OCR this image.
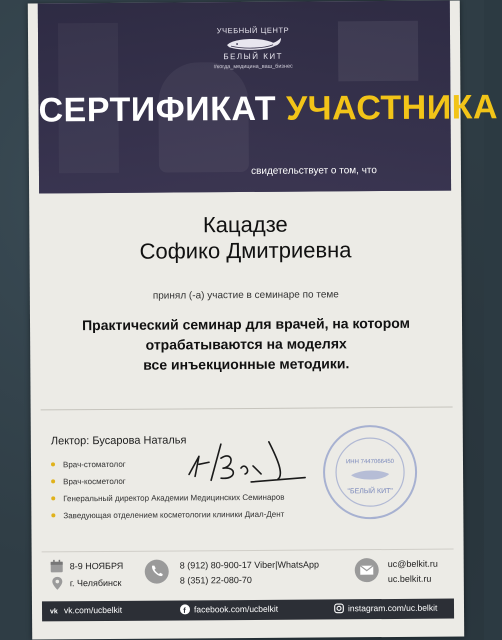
УЧЕБНЫЙ ЦЕНТР
БЕЛЫЙ КИТ
#когда_медицина_ваш_бизнес
СЕРТИФИКАТ УЧАСТНИКА
свидетельствует о том, что
Кацадзе
Софико Дмитриевна
принял (-а) участие в семинаре по теме
Практический семинар для врачей, на котором
отрабатываются на моделях
все инъекционные методики.
Лектор: Бусарова Наталья
Врач-стоматолог
Врач-косметолог
Генеральный директор Академии Медицинских Семинаров
Заведующая отделением косметологии клиники Диал-Дент
ИНН 7447066450
"БЕЛЫЙ КИТ"
8-9 НОЯБРЯ
г. Челябинск
8 (912) 80-900-17 Viber|WhatsApp
8 (351) 22-080-70
uc@belkit.ru
uc.belkit.ru
vk vk.com/ucbelkit	f facebook.com/ucbelkit	instagram.com/uc.belkit
